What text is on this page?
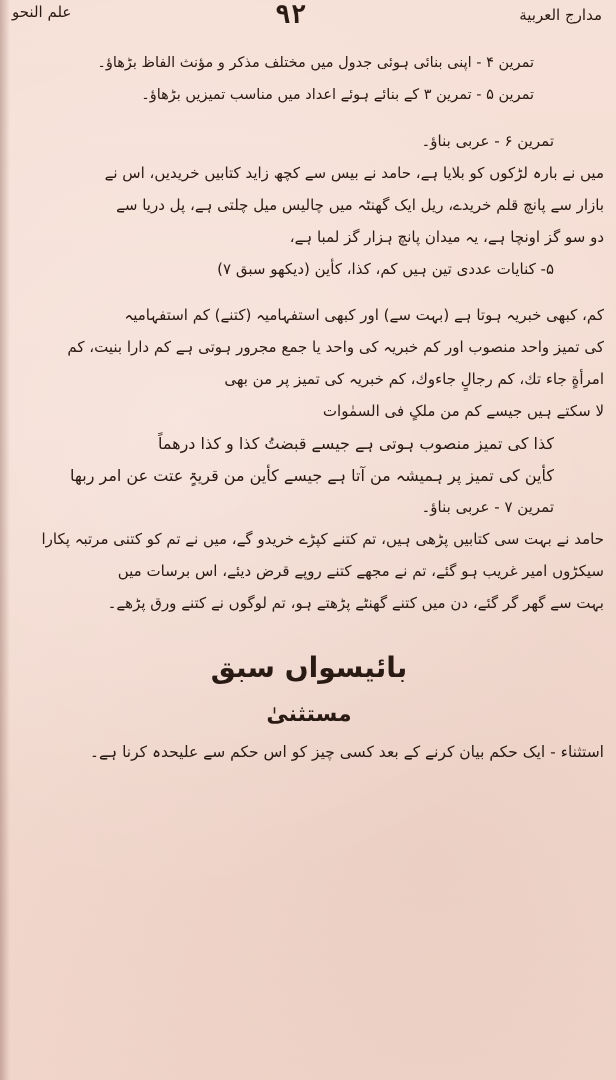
علم النحو	٩٢	مدارج العربية
تمرین ۴ - اپنی بنائی ہوئی جدول میں مختلف مذکر و مؤنث الفاظ بڑھاؤ۔
تمرین ۵ - تمرین ۳ کے بنائے ہوئے اعداد میں مناسب تمیزیں بڑھاؤ۔
تمرین ۶ - عربی بناؤ۔
میں نے بارہ لڑکوں کو بلایا ہے، حامد نے بیس سے کچھ زاید کتابیں خریدیں، اس نے
بازار سے پانچ قلم خریدے، ریل ایک گھنٹہ میں چالیس میل چلتی ہے، پل دریا سے
دو سو گز اونچا ہے، یہ میدان پانچ ہزار گز لمبا ہے،
۵- کنایات عددی تین ہیں کم، کذا، کأین (دیکھو سبق ۷)
کم، کبھی خبریہ ہوتا ہے (بہت سے) اور کبھی استفہامیہ (کتنے) کم استفہامیہ
کی تمیز واحد منصوب اور کم خبریہ کی واحد یا جمع مجرور ہوتی ہے کم دارا بنیت، کم
امرأةٍ جاء تك، كم رجالٍ جاءوك، کم خبریہ کی تمیز پر من بھی
لا سکتے ہیں جیسے کم من ملکٍ فی السمٰوات
کذا کی تمیز منصوب ہوتی ہے جیسے قبضتُ کذا و کذا درھماً
کأین کی تمیز پر ہمیشہ من آتا ہے جیسے کأین من قریۃٍ عتت عن امر ربھا
تمرین ۷ - عربی بناؤ۔
حامد نے بہت سی کتابیں پڑھی ہیں، تم کتنے کپڑے خریدو گے، میں نے تم کو کتنی مرتبہ پکارا
سیکڑوں امیر غریب ہو گئے، تم نے مجھے کتنے روپے قرض دیئے، اس برسات میں
بہت سے گھر گر گئے، دن میں کتنے گھنٹے پڑھتے ہو، تم لوگوں نے کتنے ورق پڑھے۔
بائیسواں سبق
مستثنیٰ
استثناء - ایک حکم بیان کرنے کے بعد کسی چیز کو اس حکم سے علیحدہ کرنا ہے۔
